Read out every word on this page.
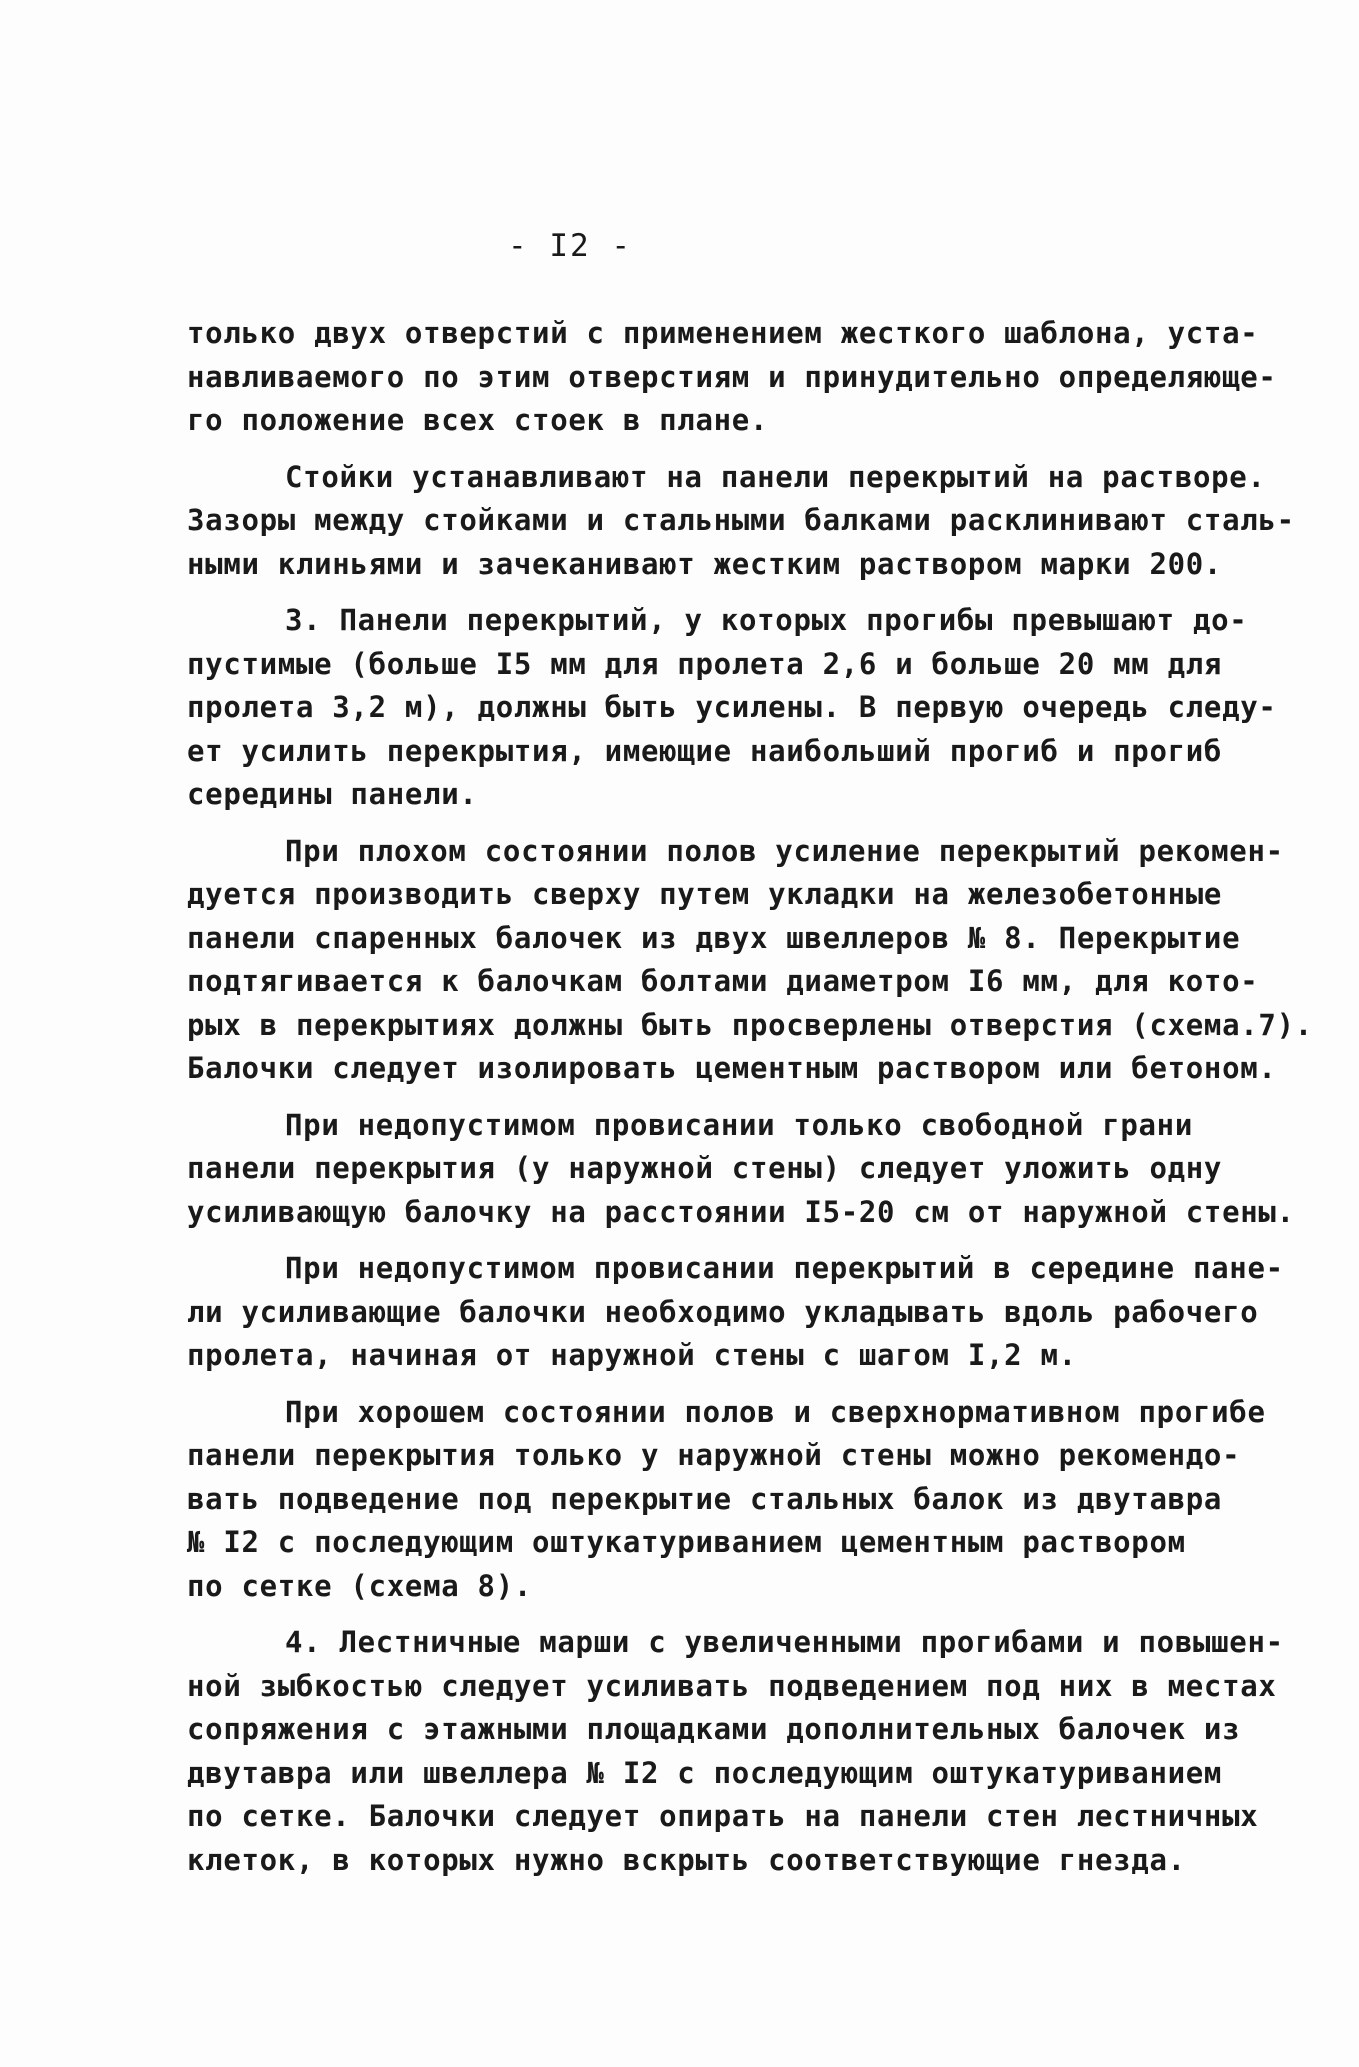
- I2 -
только двух отверстий с применением жесткого шаблона, уста-
навливаемого по этим отверстиям и принудительно определяюще-
го положение всех стоек в плане.
Стойки устанавливают на панели перекрытий на растворе.
Зазоры между стойками и стальными балками расклинивают сталь-
ными клиньями и зачеканивают жестким раствором марки 200.
3. Панели перекрытий, у которых прогибы превышают до-
пустимые (больше I5 мм для пролета 2,6 и больше 20 мм для
пролета 3,2 м), должны быть усилены. В первую очередь следу-
ет усилить перекрытия, имеющие наибольший прогиб и прогиб
середины панели.
При плохом состоянии полов усиление перекрытий рекомен-
дуется производить сверху путем укладки на железобетонные
панели спаренных балочек из двух швеллеров № 8. Перекрытие
подтягивается к балочкам болтами диаметром I6 мм, для кото-
рых в перекрытиях должны быть просверлены отверстия (схема.7).
Балочки следует изолировать цементным раствором или бетоном.
При недопустимом провисании только свободной грани
панели перекрытия (у наружной стены) следует уложить одну
усиливающую балочку на расстоянии I5-20 см от наружной стены.
При недопустимом провисании перекрытий в середине пане-
ли усиливающие балочки необходимо укладывать вдоль рабочего
пролета, начиная от наружной стены с шагом I,2 м.
При хорошем состоянии полов и сверхнормативном прогибе
панели перекрытия только у наружной стены можно рекомендо-
вать подведение под перекрытие стальных балок из двутавра
№ I2 с последующим оштукатуриванием цементным раствором
по сетке (схема 8).
4. Лестничные марши с увеличенными прогибами и повышен-
ной зыбкостью следует усиливать подведением под них в местах
сопряжения с этажными площадками дополнительных балочек из
двутавра или швеллера № I2 с последующим оштукатуриванием
по сетке. Балочки следует опирать на панели стен лестничных
клеток, в которых нужно вскрыть соответствующие гнезда.
